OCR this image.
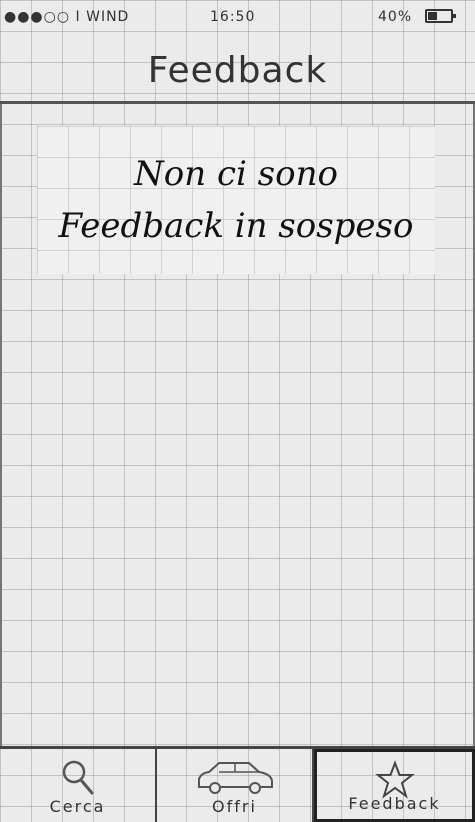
●●●○○ I WIND	16:50	40%
Feedback
Non ci sono Feedback in sospeso
Cerca	Offri	Feedback
